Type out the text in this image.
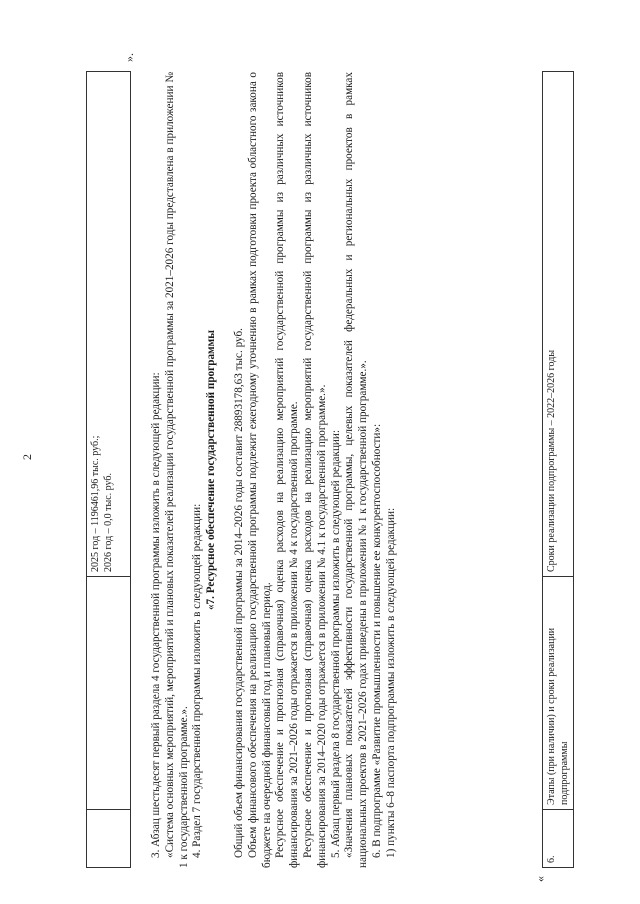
2
			2025 год – 1196461,96 тыс. руб.; 2026 год – 0,0 тыс. руб.
».

3. Абзац шестьдесят первый раздела 4 государственной программы изложить в следующей редакции: «Система основных мероприятий, мероприятий и плановых показателей реализации государственной программы за 2021–2026 годы представлена в приложении № 1 к государственной программе.». 4. Раздел 7 государственной программы изложить в следующей редакции:

«7. Ресурсное обеспечение государственной программы Общий объем финансирования государственной программы за 2014–2026 годы составит 28893178,63 тыс. руб. Объем финансового обеспечения на реализацию государственной программы подлежит ежегодному уточнению в рамках подготовки проекта областного закона о бюджете на очередной финансовый год и плановый период. Ресурсное обеспечение и прогнозная (справочная) оценка расходов на реализацию мероприятий государственной программы из различных источников финансирования за 2021–2026 годы отражается в приложении № 4 к государственной программе. Ресурсное обеспечение и прогнозная (справочная) оценка расходов на реализацию мероприятий государственной программы из различных источников финансирования за 2014–2020 годы отражается в приложении № 4.1 к государственной программе.». 5. Абзац первый раздела 8 государственной программы изложить в следующей редакции: «Значения плановых показателей эффективности государственной программы, целевых показателей федеральных и региональных проектов в рамках национальных проектов в 2021–2026 годах приведены в приложении № 1 к государственной программе.». 6. В подпрограмме «Развитие промышленности и повышение ее конкурентоспособности»: 1) пункты 6–8 паспорта подпрограммы изложить в следующей редакции:

«
6.	Этапы (при наличии) и сроки реализации подпрограммы	Сроки реализации подпрограммы – 2022–2026 годы
